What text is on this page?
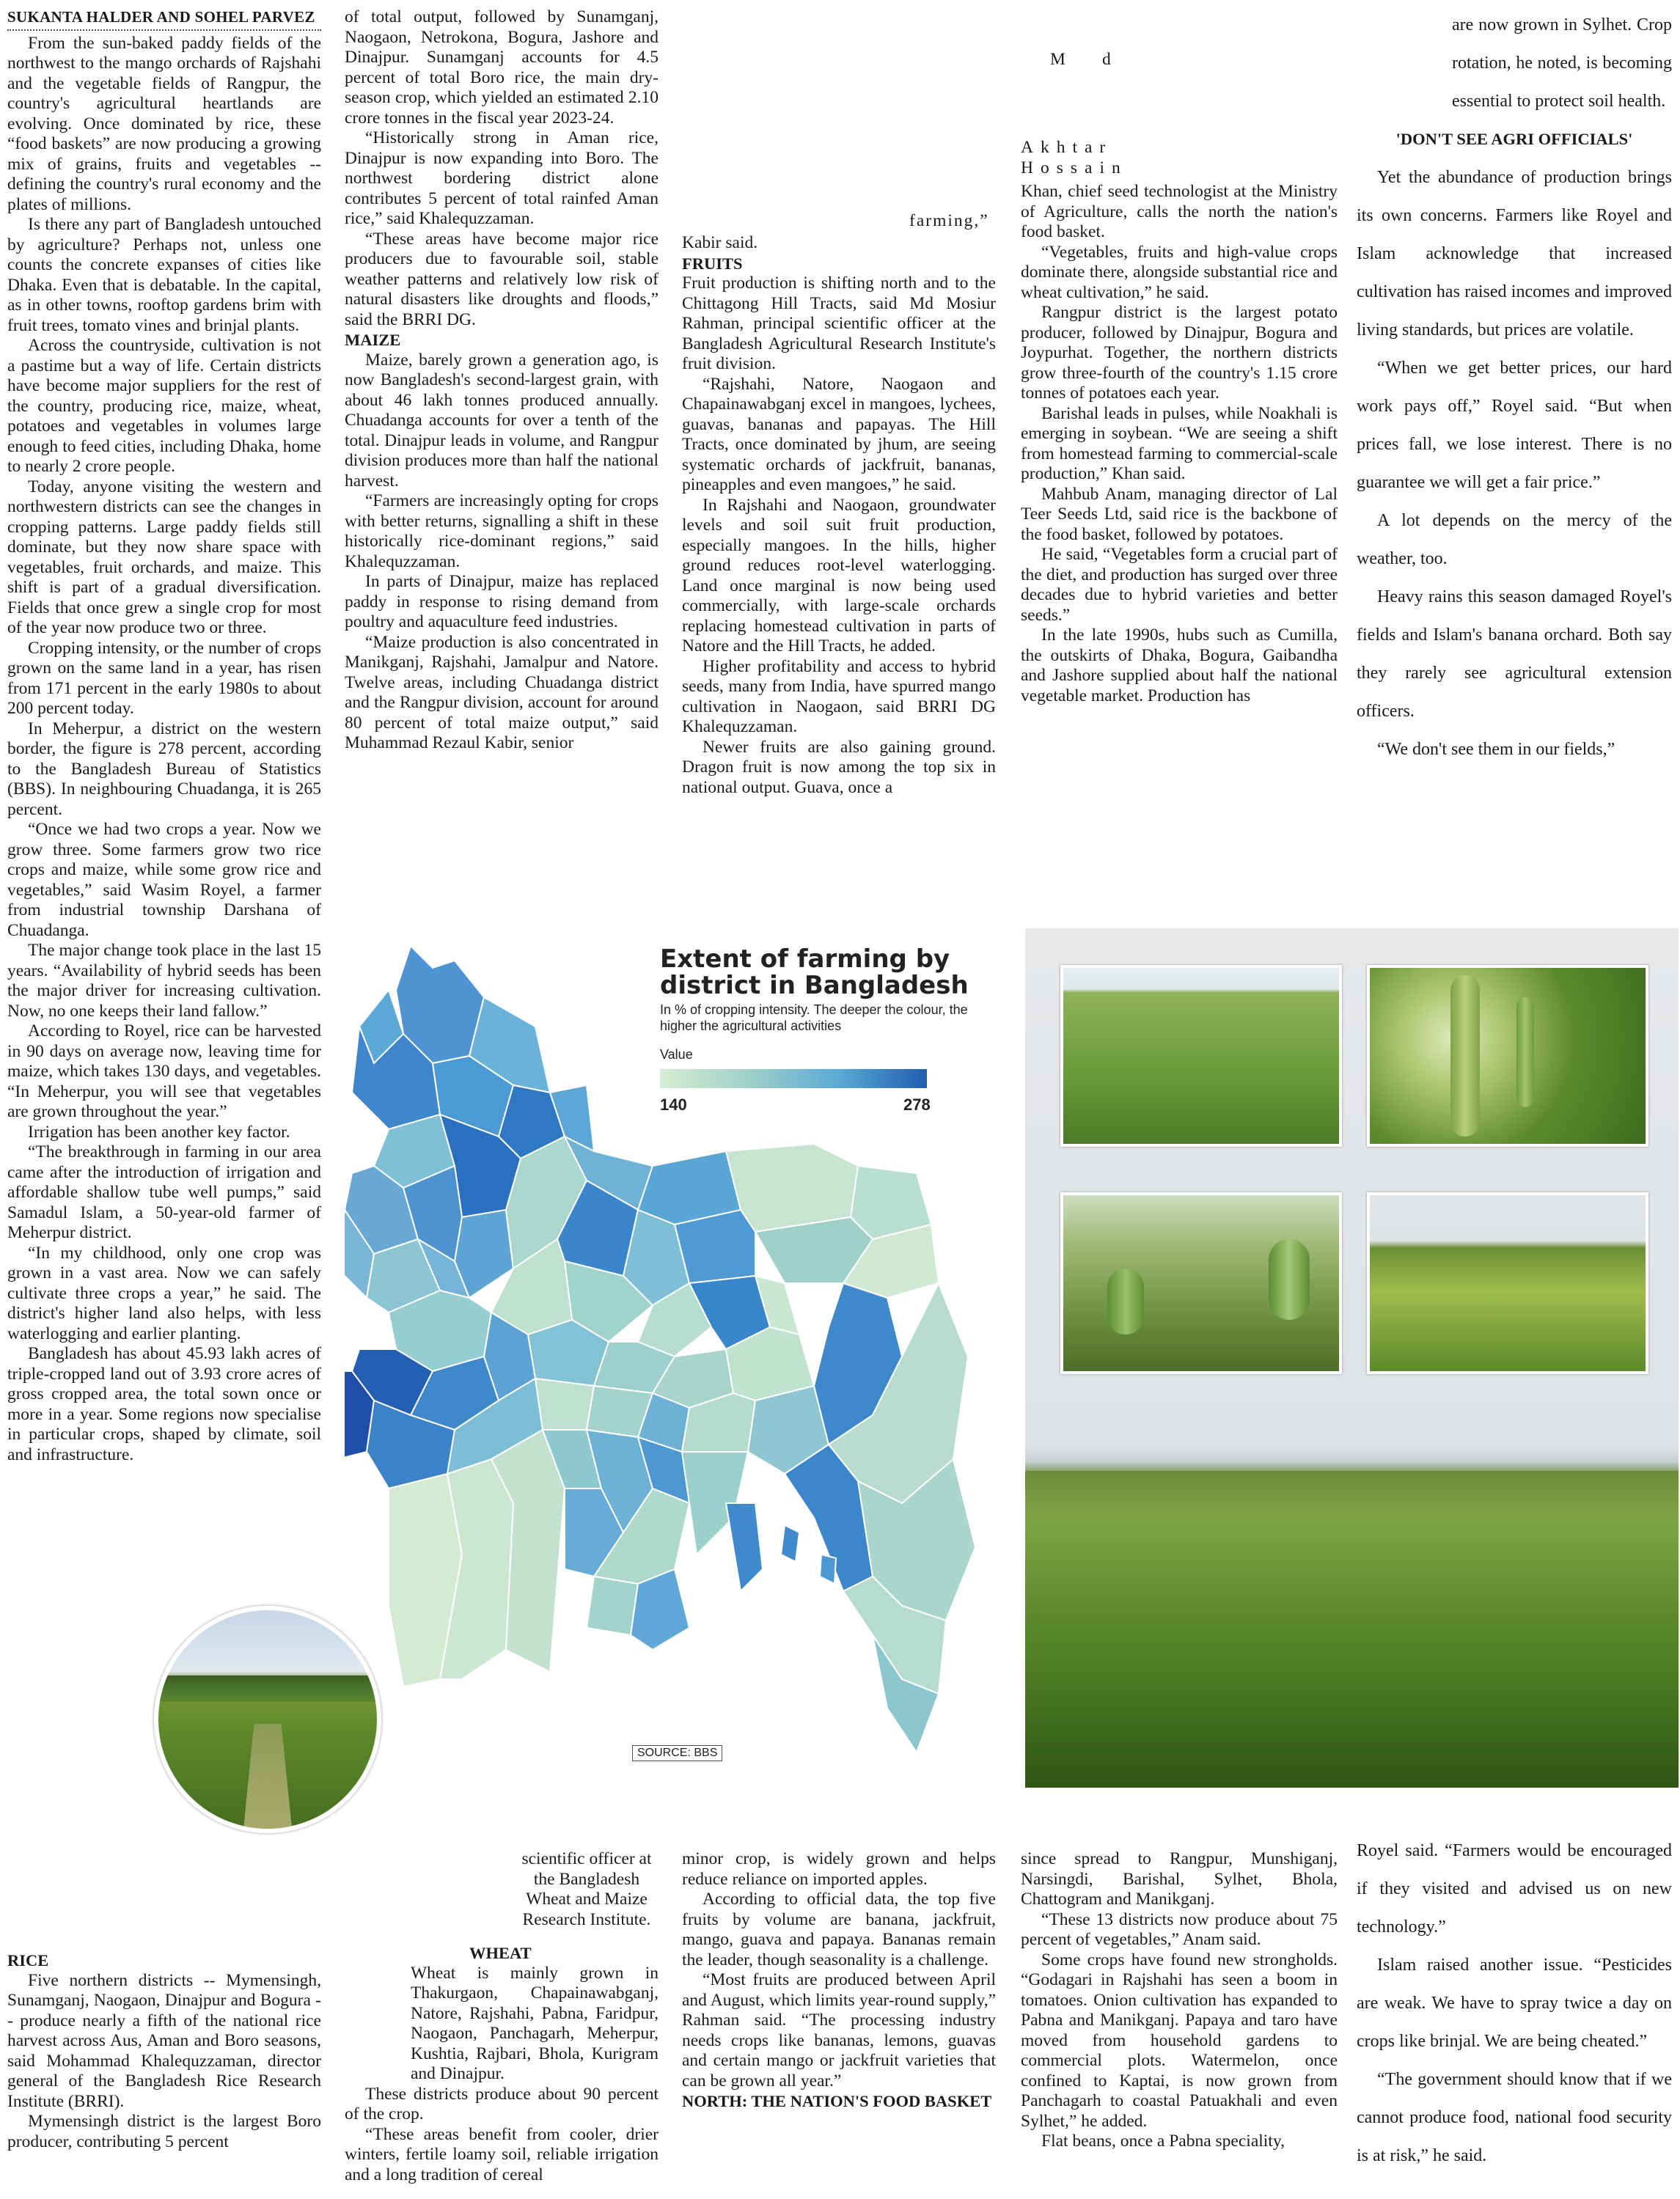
SUKANTA HALDER AND SOHEL PARVEZ

From the sun-baked paddy fields of the northwest to the mango orchards of Rajshahi and the vegetable fields of Rangpur, the country's agricultural heartlands are evolving. Once dominated by rice, these “food baskets” are now producing a growing mix of grains, fruits and vegetables -- defining the country's rural economy and the plates of millions.

Is there any part of Bangladesh untouched by agriculture? Perhaps not, unless one counts the concrete expanses of cities like Dhaka. Even that is debatable. In the capital, as in other towns, rooftop gardens brim with fruit trees, tomato vines and brinjal plants.

Across the countryside, cultivation is not a pastime but a way of life. Certain districts have become major suppliers for the rest of the country, producing rice, maize, wheat, potatoes and vegetables in volumes large enough to feed cities, including Dhaka, home to nearly 2 crore people.

Today, anyone visiting the western and northwestern districts can see the changes in cropping patterns. Large paddy fields still dominate, but they now share space with vegetables, fruit orchards, and maize. This shift is part of a gradual diversification. Fields that once grew a single crop for most of the year now produce two or three.

Cropping intensity, or the number of crops grown on the same land in a year, has risen from 171 percent in the early 1980s to about 200 percent today.

In Meherpur, a district on the western border, the figure is 278 percent, according to the Bangladesh Bureau of Statistics (BBS). In neighbouring Chuadanga, it is 265 percent.

“Once we had two crops a year. Now we grow three. Some farmers grow two rice crops and maize, while some grow rice and vegetables,” said Wasim Royel, a farmer from industrial township Darshana of Chuadanga.

The major change took place in the last 15 years. “Availability of hybrid seeds has been the major driver for increasing cultivation. Now, no one keeps their land fallow.”

According to Royel, rice can be harvested in 90 days on average now, leaving time for maize, which takes 130 days, and vegetables. “In Meherpur, you will see that vegetables are grown throughout the year.”

Irrigation has been another key factor.

“The breakthrough in farming in our area came after the introduction of irrigation and affordable shallow tube well pumps,” said Samadul Islam, a 50-year-old farmer of Meherpur district.

“In my childhood, only one crop was grown in a vast area. Now we can safely cultivate three crops a year,” he said. The district's higher land also helps, with less waterlogging and earlier planting.

Bangladesh has about 45.93 lakh acres of triple-cropped land out of 3.93 crore acres of gross cropped area, the total sown once or more in a year. Some regions now specialise in particular crops, shaped by climate, soil and infrastructure.

RICE

Five northern districts -- Mymensingh, Sunamganj, Naogaon, Dinajpur and Bogura -- produce nearly a fifth of the national rice harvest across Aus, Aman and Boro seasons, said Mohammad Khalequzzaman, director general of the Bangladesh Rice Research Institute (BRRI).

Mymensingh district is the largest Boro producer, contributing 5 percent

of total output, followed by Sunamganj, Naogaon, Netrokona, Bogura, Jashore and Dinajpur. Sunamganj accounts for 4.5 percent of total Boro rice, the main dry-season crop, which yielded an estimated 2.10 crore tonnes in the fiscal year 2023-24.

“Historically strong in Aman rice, Dinajpur is now expanding into Boro. The northwest bordering district alone contributes 5 percent of total rainfed Aman rice,” said Khalequzzaman.

“These areas have become major rice producers due to favourable soil, stable weather patterns and relatively low risk of natural disasters like droughts and floods,” said the BRRI DG.

MAIZE

Maize, barely grown a generation ago, is now Bangladesh's second-largest grain, with about 46 lakh tonnes produced annually. Chuadanga accounts for over a tenth of the total. Dinajpur leads in volume, and Rangpur division produces more than half the national harvest.

“Farmers are increasingly opting for crops with better returns, signalling a shift in these historically rice-dominant regions,” said Khalequzzaman.

In parts of Dinajpur, maize has replaced paddy in response to rising demand from poultry and aquaculture feed industries.

“Maize production is also concentrated in Manikganj, Rajshahi, Jamalpur and Natore. Twelve areas, including Chuadanga district and the Rangpur division, account for around 80 percent of total maize output,” said Muhammad Rezaul Kabir, senior

M d
farming,”

Kabir said.

FRUITS

Fruit production is shifting north and to the Chittagong Hill Tracts, said Md Mosiur Rahman, principal scientific officer at the Bangladesh Agricultural Research Institute's fruit division.

“Rajshahi, Natore, Naogaon and Chapainawabganj excel in mangoes, lychees, guavas, bananas and papayas. The Hill Tracts, once dominated by jhum, are seeing systematic orchards of jackfruit, bananas, pineapples and even mangoes,” he said.

In Rajshahi and Naogaon, groundwater levels and soil suit fruit production, especially mangoes. In the hills, higher ground reduces root-level waterlogging. Land once marginal is now being used commercially, with large-scale orchards replacing homestead cultivation in parts of Natore and the Hill Tracts, he added.

Higher profitability and access to hybrid seeds, many from India, have spurred mango cultivation in Naogaon, said BRRI DG Khalequzzaman.

Newer fruits are also gaining ground. Dragon fruit is now among the top six in national output. Guava, once a

Akhtar Hossain

Khan, chief seed technologist at the Ministry of Agriculture, calls the north the nation's food basket.

“Vegetables, fruits and high-value crops dominate there, alongside substantial rice and wheat cultivation,” he said.

Rangpur district is the largest potato producer, followed by Dinajpur, Bogura and Joypurhat. Together, the northern districts grow three-fourth of the country's 1.15 crore tonnes of potatoes each year.

Barishal leads in pulses, while Noakhali is emerging in soybean. “We are seeing a shift from homestead farming to commercial-scale production,” Khan said.

Mahbub Anam, managing director of Lal Teer Seeds Ltd, said rice is the backbone of the food basket, followed by potatoes.

He said, “Vegetables form a crucial part of the diet, and production has surged over three decades due to hybrid varieties and better seeds.”

In the late 1990s, hubs such as Cumilla, the outskirts of Dhaka, Bogura, Gaibandha and Jashore supplied about half the national vegetable market. Production has

are now grown in Sylhet. Crop rotation, he noted, is becoming essential to protect soil health.

'DON'T SEE AGRI OFFICIALS'

Yet the abundance of production brings its own concerns. Farmers like Royel and Islam acknowledge that increased cultivation has raised incomes and improved living standards, but prices are volatile.

“When we get better prices, our hard work pays off,” Royel said. “But when prices fall, we lose interest. There is no guarantee we will get a fair price.”

A lot depends on the mercy of the weather, too.

Heavy rains this season damaged Royel's fields and Islam's banana orchard. Both say they rarely see agricultural extension officers.

“We don't see them in our fields,”

Extent of farming by district in Bangladesh
In % of cropping intensity. The deeper the colour, the higher the agricultural activities
Value
140	278
SOURCE: BBS

scientific officer at the Bangladesh Wheat and Maize Research Institute.

WHEAT

Wheat is mainly grown in Thakurgaon, Chapainawabganj, Natore, Rajshahi, Pabna, Faridpur, Naogaon, Panchagarh, Meherpur, Kushtia, Rajbari, Bhola, Kurigram and Dinajpur.

These districts produce about 90 percent of the crop.

“These areas benefit from cooler, drier winters, fertile loamy soil, reliable irrigation and a long tradition of cereal

minor crop, is widely grown and helps reduce reliance on imported apples.

According to official data, the top five fruits by volume are banana, jackfruit, mango, guava and papaya. Bananas remain the leader, though seasonality is a challenge.

“Most fruits are produced between April and August, which limits year-round supply,” Rahman said. “The processing industry needs crops like bananas, lemons, guavas and certain mango or jackfruit varieties that can be grown all year.”

NORTH: THE NATION'S FOOD BASKET

since spread to Rangpur, Munshiganj, Narsingdi, Barishal, Sylhet, Bhola, Chattogram and Manikganj.

“These 13 districts now produce about 75 percent of vegetables,” Anam said.

Some crops have found new strongholds. “Godagari in Rajshahi has seen a boom in tomatoes. Onion cultivation has expanded to Pabna and Manikganj. Papaya and taro have moved from household gardens to commercial plots. Watermelon, once confined to Kaptai, is now grown from Panchagarh to coastal Patuakhali and even Sylhet,” he added.

Flat beans, once a Pabna speciality,

Royel said. “Farmers would be encouraged if they visited and advised us on new technology.”

Islam raised another issue. “Pesticides are weak. We have to spray twice a day on crops like brinjal. We are being cheated.”

“The government should know that if we cannot produce food, national food security is at risk,” he said.
